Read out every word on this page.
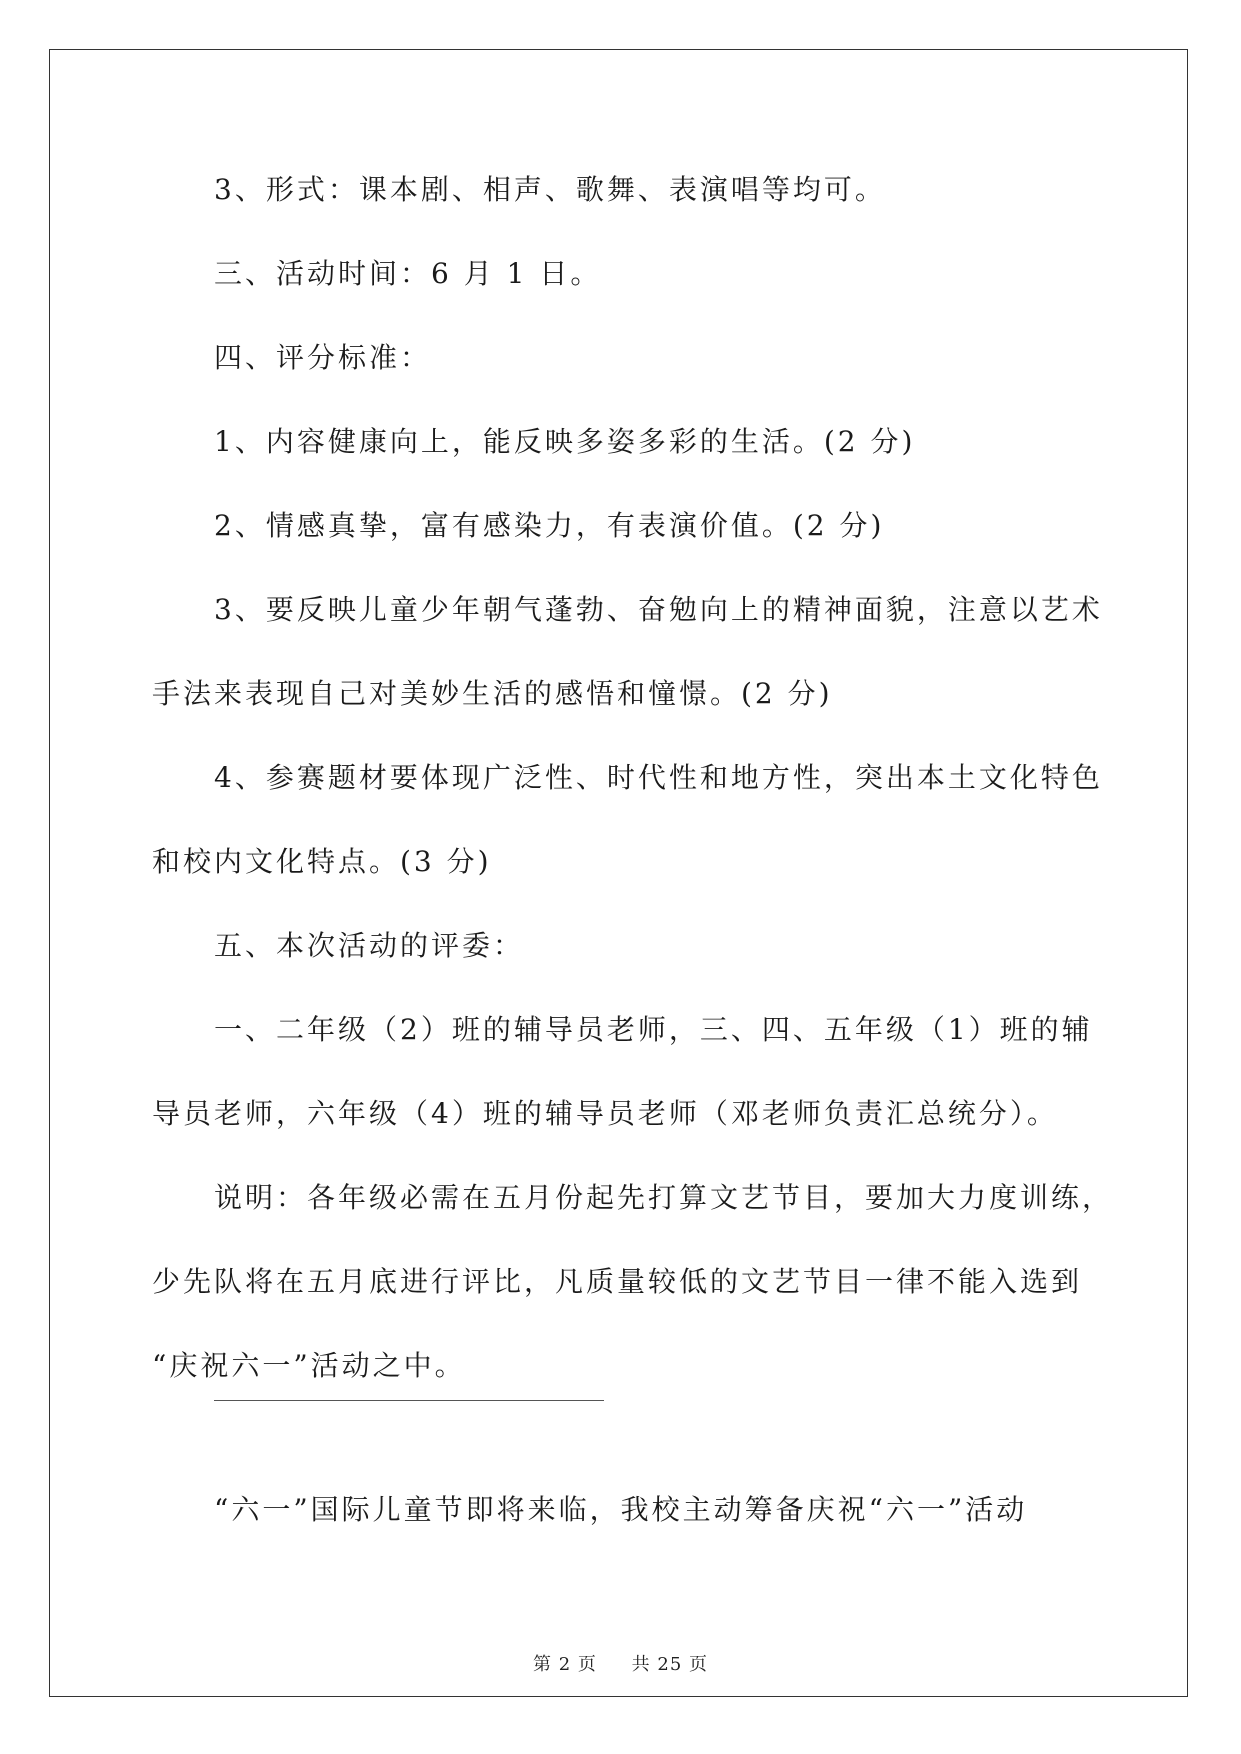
3、形式：课本剧、相声、歌舞、表演唱等均可。
三、活动时间：6 月 1 日。
四、评分标准：
1、内容健康向上，能反映多姿多彩的生活。(2 分)
2、情感真挚，富有感染力，有表演价值。(2 分)
3、要反映儿童少年朝气蓬勃、奋勉向上的精神面貌，注意以艺术
手法来表现自己对美妙生活的感悟和憧憬。(2 分)
4、参赛题材要体现广泛性、时代性和地方性，突出本土文化特色
和校内文化特点。(3 分)
五、本次活动的评委：
一、二年级（2）班的辅导员老师，三、四、五年级（1）班的辅
导员老师，六年级（4）班的辅导员老师（邓老师负责汇总统分）。
说明：各年级必需在五月份起先打算文艺节目，要加大力度训练，
少先队将在五月底进行评比，凡质量较低的文艺节目一律不能入选到
“庆祝六一”活动之中。
“六一”国际儿童节即将来临，我校主动筹备庆祝“六一”活动
第 2 页 共 25 页
